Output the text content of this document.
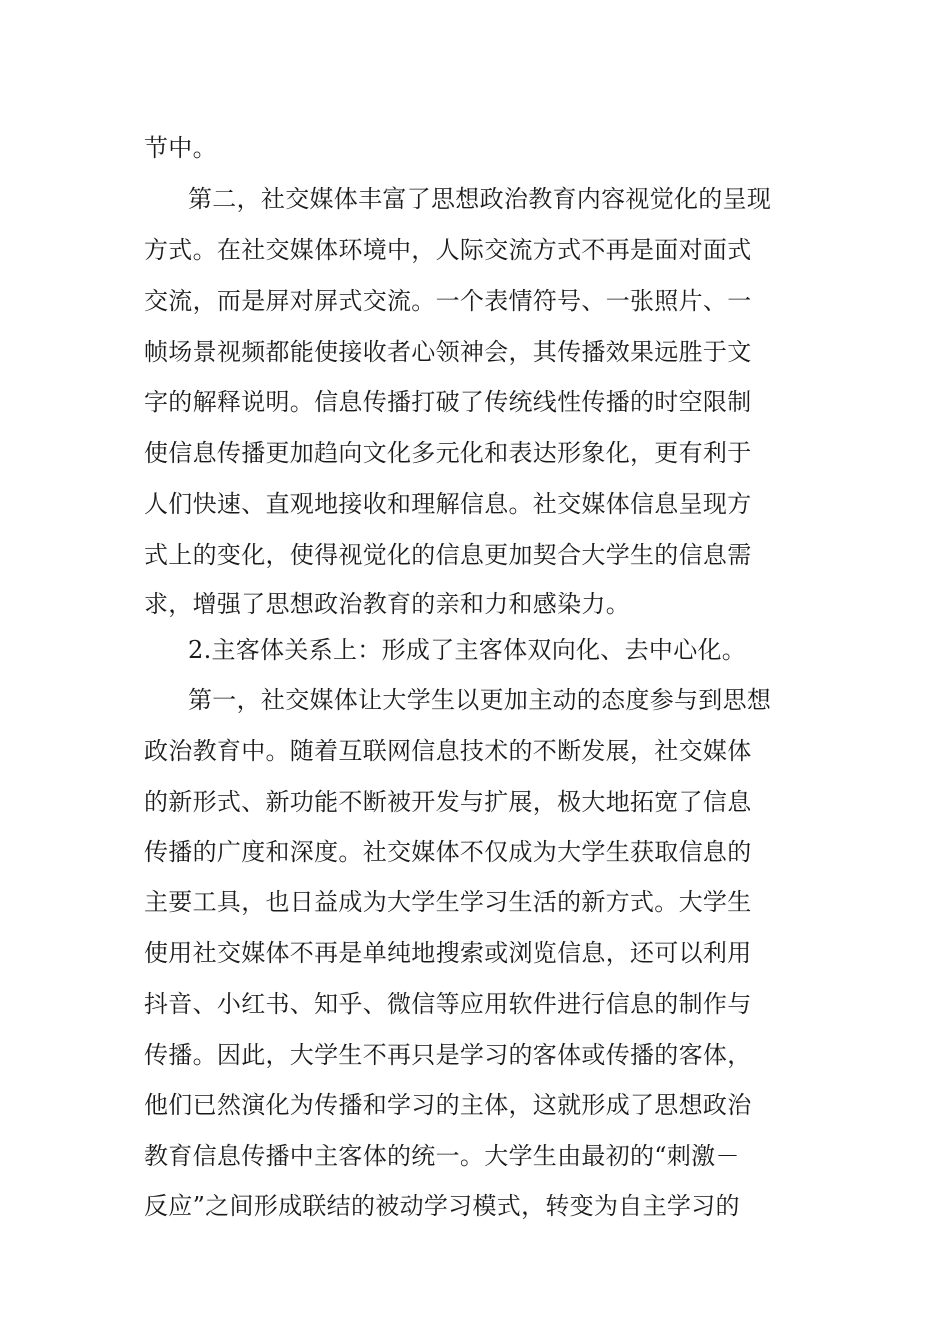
节中。
第二，社交媒体丰富了思想政治教育内容视觉化的呈现
方式。在社交媒体环境中，人际交流方式不再是面对面式
交流，而是屏对屏式交流。一个表情符号、一张照片、一
帧场景视频都能使接收者心领神会，其传播效果远胜于文
字的解释说明。信息传播打破了传统线性传播的时空限制
使信息传播更加趋向文化多元化和表达形象化，更有利于
人们快速、直观地接收和理解信息。社交媒体信息呈现方
式上的变化，使得视觉化的信息更加契合大学生的信息需
求，增强了思想政治教育的亲和力和感染力。
2.主客体关系上：形成了主客体双向化、去中心化。
第一，社交媒体让大学生以更加主动的态度参与到思想
政治教育中。随着互联网信息技术的不断发展，社交媒体
的新形式、新功能不断被开发与扩展，极大地拓宽了信息
传播的广度和深度。社交媒体不仅成为大学生获取信息的
主要工具，也日益成为大学生学习生活的新方式。大学生
使用社交媒体不再是单纯地搜索或浏览信息，还可以利用
抖音、小红书、知乎、微信等应用软件进行信息的制作与
传播。因此，大学生不再只是学习的客体或传播的客体，
他们已然演化为传播和学习的主体，这就形成了思想政治
教育信息传播中主客体的统一。大学生由最初的“刺激－
反应”之间形成联结的被动学习模式，转变为自主学习的
